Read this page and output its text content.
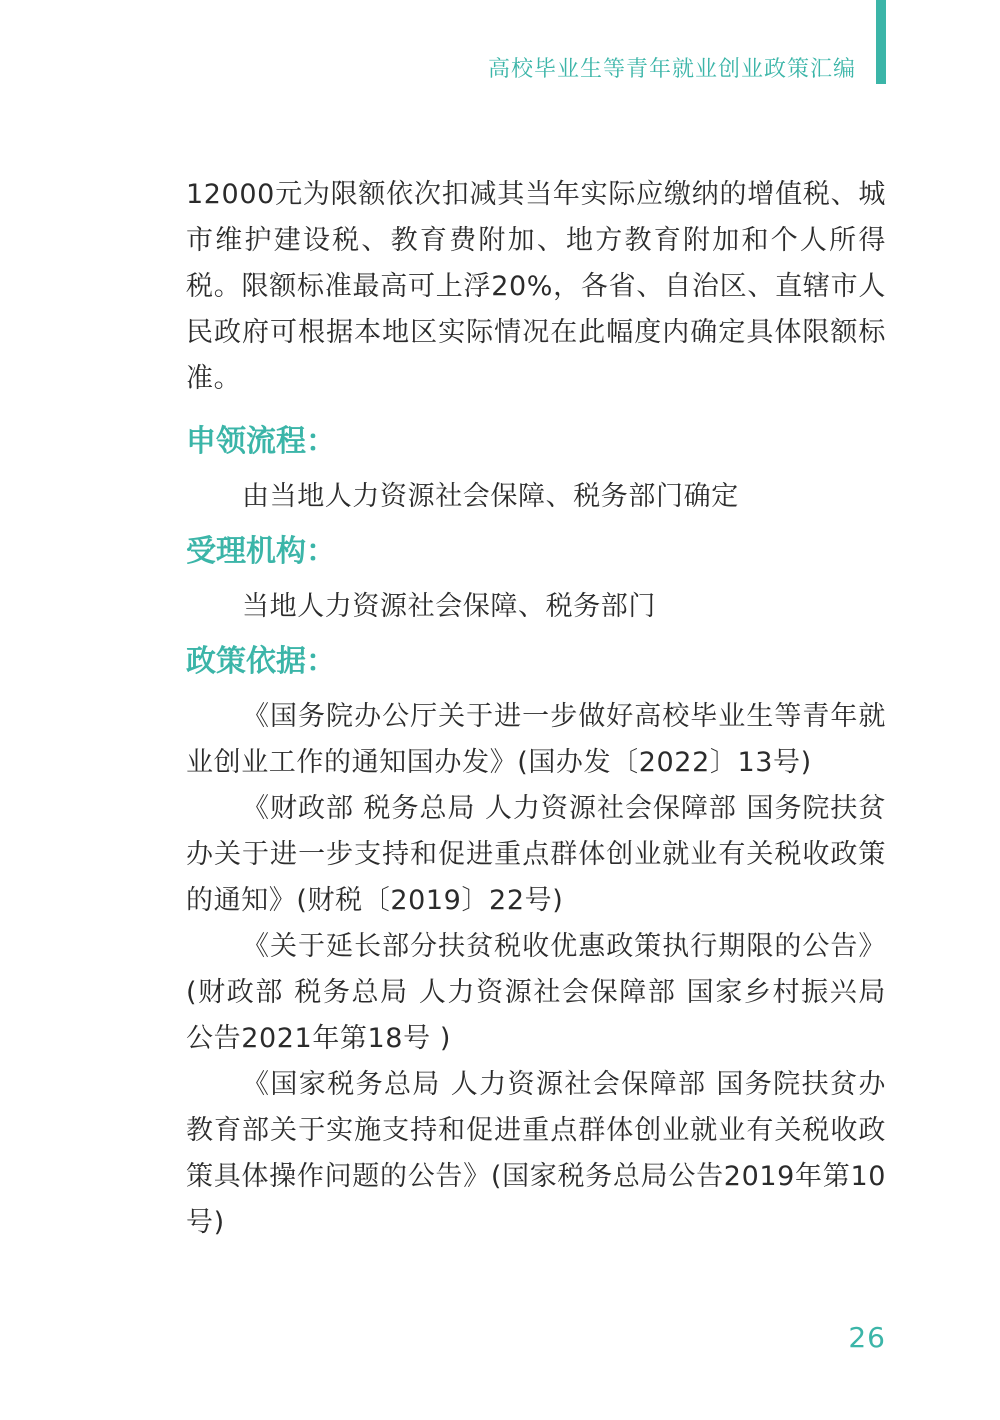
高校毕业生等青年就业创业政策汇编

12000元为限额依次扣减其当年实际应缴纳的增值税、城市维护建设税、教育费附加、地方教育附加和个人所得税。限额标准最高可上浮20%，各省、自治区、直辖市人民政府可根据本地区实际情况在此幅度内确定具体限额标准。

申领流程：

由当地人力资源社会保障、税务部门确定

受理机构：

当地人力资源社会保障、税务部门

政策依据：

《国务院办公厅关于进一步做好高校毕业生等青年就业创业工作的通知国办发》(国办发〔2022〕13号)

《财政部 税务总局 人力资源社会保障部 国务院扶贫办关于进一步支持和促进重点群体创业就业有关税收政策的通知》(财税〔2019〕22号)

《关于延长部分扶贫税收优惠政策执行期限的公告》(财政部 税务总局 人力资源社会保障部 国家乡村振兴局公告2021年第18号 )

《国家税务总局 人力资源社会保障部 国务院扶贫办教育部关于实施支持和促进重点群体创业就业有关税收政策具体操作问题的公告》(国家税务总局公告2019年第10号)

26
